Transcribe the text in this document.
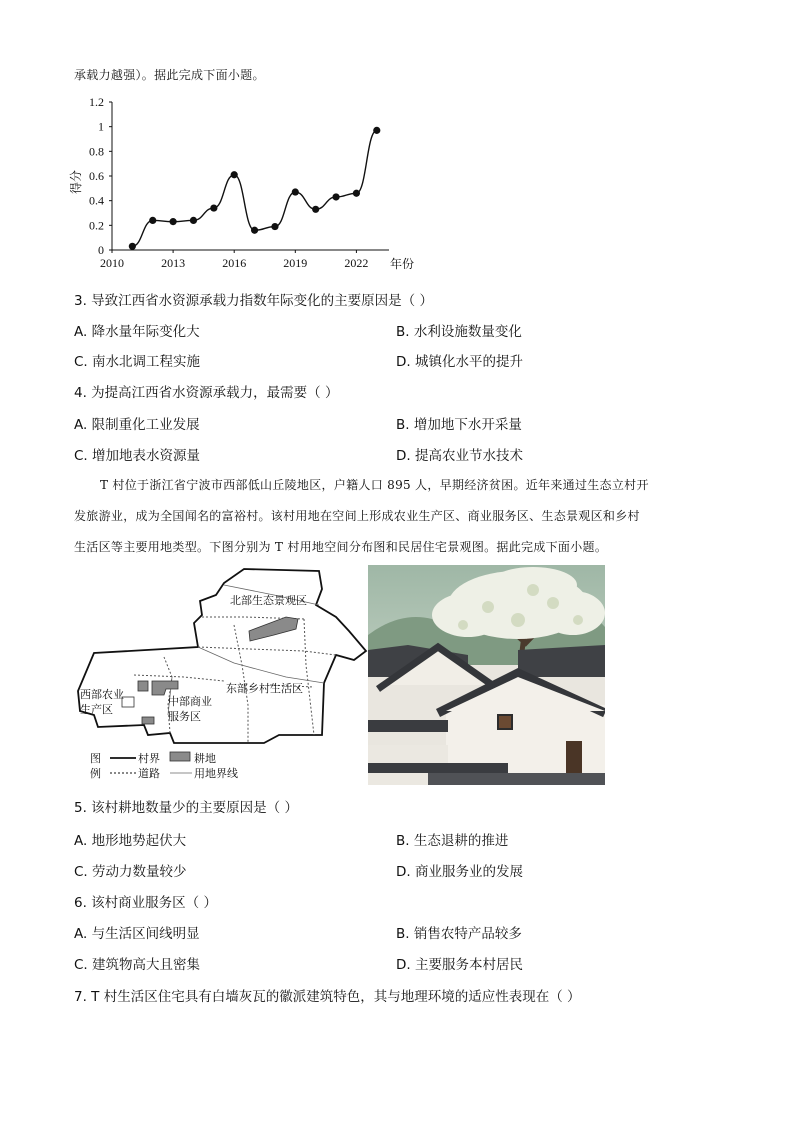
承载力越强）。据此完成下面小题。
0
0.2
0.4
0.6
0.8
1
1.2
2010	2013	2016	2019	2022
得分
年份
3. 导致江西省水资源承载力指数年际变化的主要原因是（ ）
A. 降水量年际变化大	B. 水利设施数量变化
C. 南水北调工程实施	D. 城镇化水平的提升
4. 为提高江西省水资源承载力，最需要（ ）
A. 限制重化工业发展	B. 增加地下水开采量
C. 增加地表水资源量	D. 提高农业节水技术
T 村位于浙江省宁波市西部低山丘陵地区，户籍人口 895 人，早期经济贫困。近年来通过生态立村开
发旅游业，成为全国闻名的富裕村。该村用地在空间上形成农业生产区、商业服务区、生态景观区和乡村
生活区等主要用地类型。下图分别为 T 村用地空间分布图和民居住宅景观图。据此完成下面小题。
北部生态景观区
东部乡村生活区
西部农业
生产区
中部商业
服务区
图
例
村界
道路
耕地
用地界线
5. 该村耕地数量少的主要原因是（ ）
A. 地形地势起伏大	B. 生态退耕的推进
C. 劳动力数量较少	D. 商业服务业的发展
6. 该村商业服务区（ ）
A. 与生活区间线明显	B. 销售农特产品较多
C. 建筑物高大且密集	D. 主要服务本村居民
7. T 村生活区住宅具有白墙灰瓦的徽派建筑特色，其与地理环境的适应性表现在（ ）
